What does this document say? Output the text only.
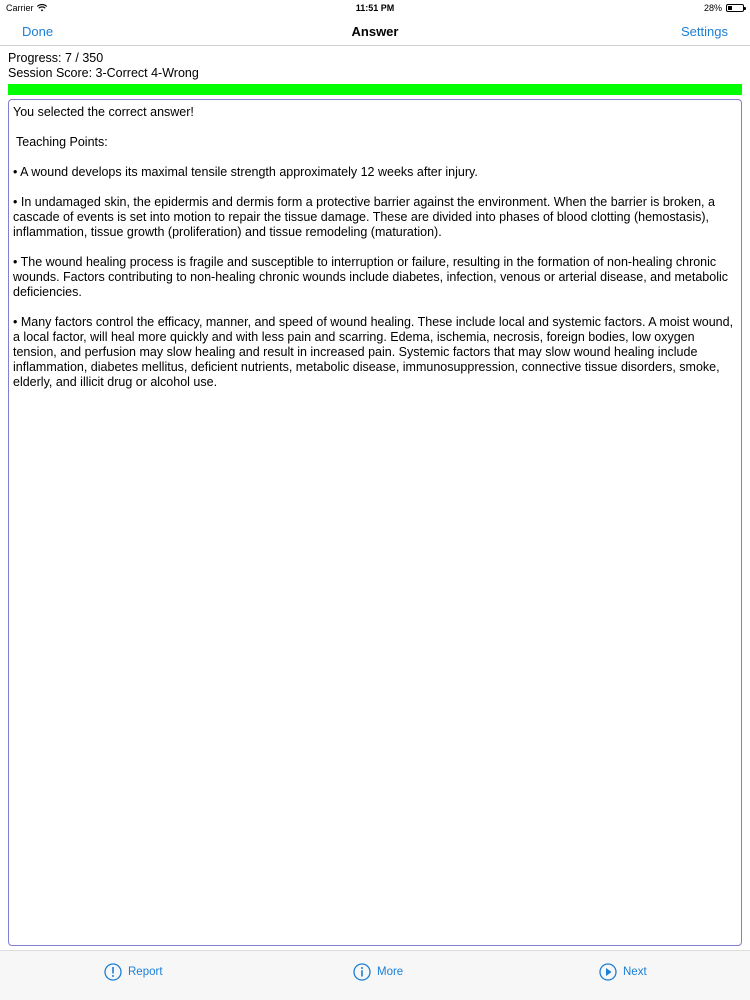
Carrier	11:51 PM	28%
Done	Answer	Settings
Progress: 7 / 350
Session Score: 3-Correct 4-Wrong

You selected the correct answer!

Teaching Points:

• A wound develops its maximal tensile strength approximately 12 weeks after injury.

• In undamaged skin, the epidermis and dermis form a protective barrier against the environment. When the barrier is broken, a cascade of events is set into motion to repair the tissue damage. These are divided into phases of blood clotting (hemostasis), inflammation, tissue growth (proliferation) and tissue remodeling (maturation).

• The wound healing process is fragile and susceptible to interruption or failure, resulting in the formation of non-healing chronic wounds. Factors contributing to non-healing chronic wounds include diabetes, infection, venous or arterial disease, and metabolic deficiencies.

• Many factors control the efficacy, manner, and speed of wound healing. These include local and systemic factors. A moist wound, a local factor, will heal more quickly and with less pain and scarring. Edema, ischemia, necrosis, foreign bodies, low oxygen tension, and perfusion may slow healing and result in increased pain. Systemic factors that may slow wound healing include inflammation, diabetes mellitus, deficient nutrients, metabolic disease, immunosuppression, connective tissue disorders, smoke, elderly, and illicit drug or alcohol use.

Report	More	Next
